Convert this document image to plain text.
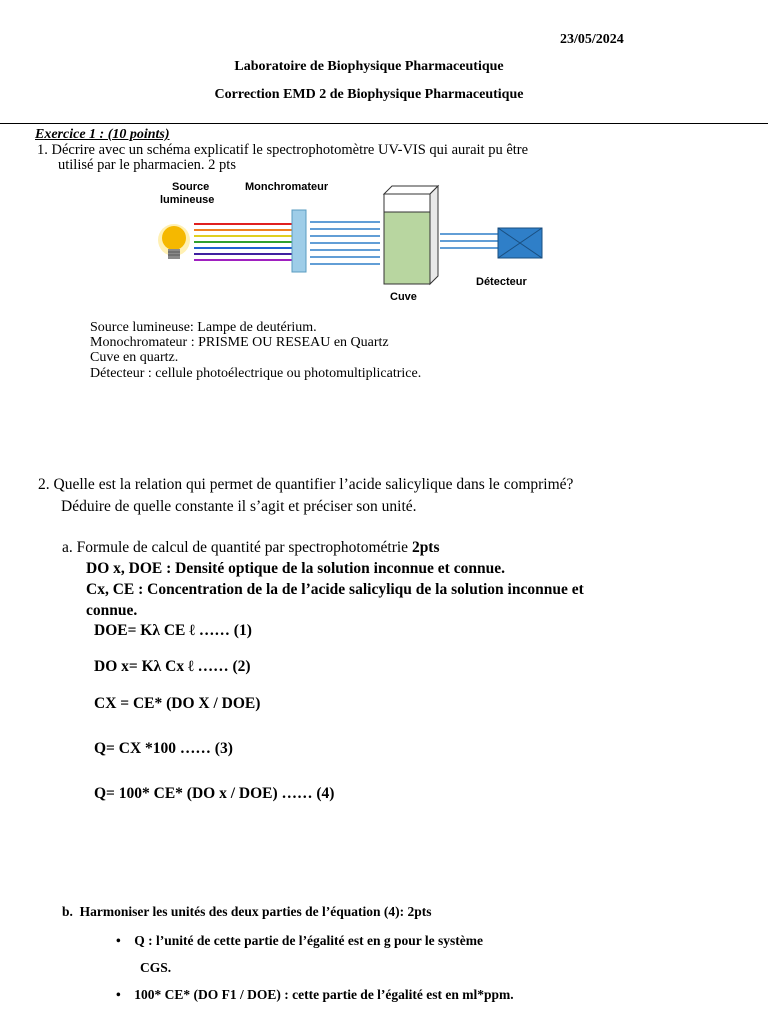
23/05/2024
Laboratoire de Biophysique Pharmaceutique
Correction EMD 2 de Biophysique Pharmaceutique
Exercice 1 : (10 points)
1. Décrire avec un schéma explicatif le spectrophotomètre UV-VIS qui aurait pu être
utilisé par le pharmacien. 2 pts
Source
lumineuse
Monchromateur
Cuve
Détecteur
Source lumineuse: Lampe de deutérium.
Monochromateur : PRISME OU RESEAU en Quartz
Cuve en quartz.
Détecteur : cellule photoélectrique ou photomultiplicatrice.
2. Quelle est la relation qui permet de quantifier l’acide salicylique dans le comprimé?
Déduire de quelle constante il s’agit et préciser son unité.
a. Formule de calcul de quantité par spectrophotométrie 2pts
DO x, DOE : Densité optique de la solution inconnue et connue.
Cx, CE : Concentration de la de l’acide salicyliqu de la solution inconnue et
connue.
DOE= Kλ CE ℓ …… (1)
DO x= Kλ Cx ℓ …… (2)
CX = CE* (DO X / DOE)
Q= CX *100 …… (3)
Q= 100* CE* (DO x / DOE) …… (4)
b. Harmoniser les unités des deux parties de l’équation (4): 2pts
• Q : l’unité de cette partie de l’égalité est en g pour le système
CGS.
• 100* CE* (DO F1 / DOE) : cette partie de l’égalité est en ml*ppm.
